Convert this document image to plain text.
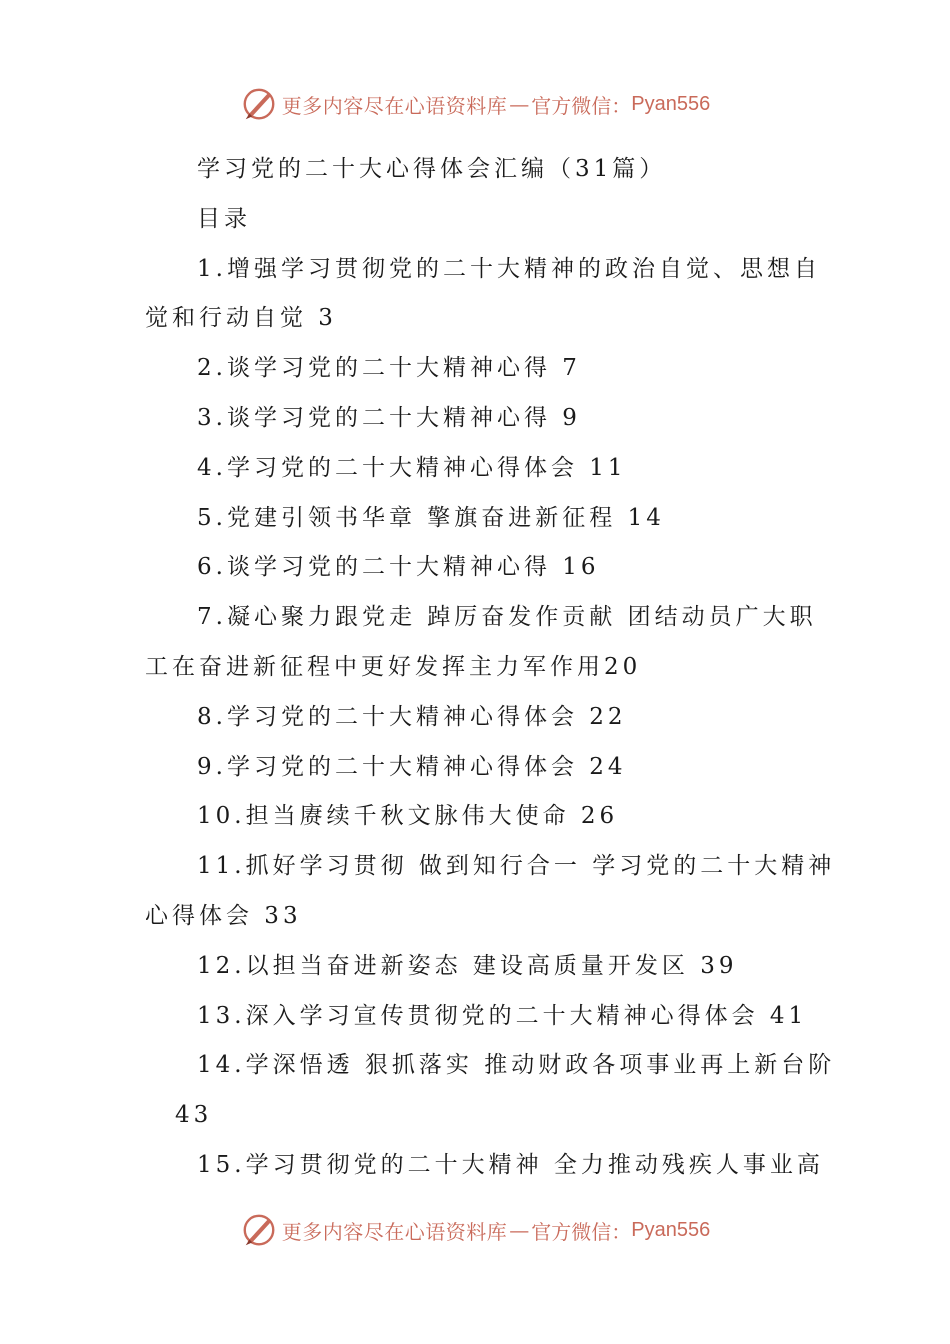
更多内容尽在心语资料库 — 官方微信： Pyan556
学习党的二十大心得体会汇编（31篇）
目录
1.增强学习贯彻党的二十大精神的政治自觉、思想自
觉和行动自觉 3
2.谈学习党的二十大精神心得 7
3.谈学习党的二十大精神心得 9
4.学习党的二十大精神心得体会 11
5.党建引领书华章 擎旗奋进新征程 14
6.谈学习党的二十大精神心得 16
7.凝心聚力跟党走 踔厉奋发作贡献 团结动员广大职
工在奋进新征程中更好发挥主力军作用20
8.学习党的二十大精神心得体会 22
9.学习党的二十大精神心得体会 24
10.担当赓续千秋文脉伟大使命 26
11.抓好学习贯彻 做到知行合一 学习党的二十大精神
心得体会 33
12.以担当奋进新姿态 建设高质量开发区 39
13.深入学习宣传贯彻党的二十大精神心得体会 41
14.学深悟透 狠抓落实 推动财政各项事业再上新台阶
43
15.学习贯彻党的二十大精神 全力推动残疾人事业高
更多内容尽在心语资料库 — 官方微信： Pyan556
